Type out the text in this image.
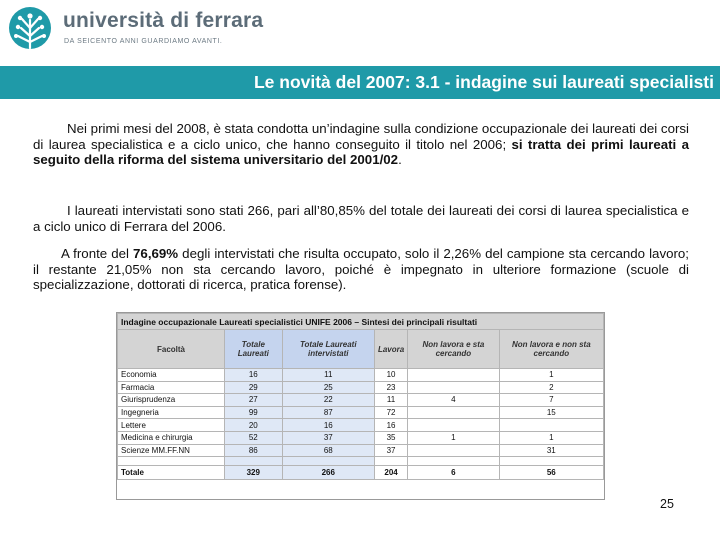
università di ferrara
DA SEICENTO ANNI GUARDIAMO AVANTI.
Le novità del 2007: 3.1 - indagine sui laureati specialisti

Nei primi mesi del 2008, è stata condotta un’indagine sulla condizione occupazionale dei laureati dei corsi di laurea specialistica e a ciclo unico, che hanno conseguito il titolo nel 2006; si tratta dei primi laureati a seguito della riforma del sistema universitario del 2001/02.

I laureati intervistati sono stati 266, pari all’80,85% del totale dei laureati dei corsi di laurea specialistica e a ciclo unico di Ferrara del 2006.

A fronte del 76,69% degli intervistati che risulta occupato, solo il 2,26% del campione sta cercando lavoro; il restante 21,05% non sta cercando lavoro, poiché è impegnato in ulteriore formazione (scuole di specializzazione, dottorati di ricerca, pratica forense).

Indagine occupazionale Laureati specialistici UNIFE 2006 – Sintesi dei principali risultati					
Facoltà	Totale Laureati	Totale Laureati intervistati	Lavora	Non lavora e sta cercando	Non lavora e non sta cercando
Economia	16	11	10		1
Farmacia	29	25	23		2
Giurisprudenza	27	22	11	4	7
Ingegneria	99	87	72		15
Lettere	20	16	16		
Medicina e chirurgia	52	37	35	1	1
Scienze MM.FF.NN	86	68	37		31

Totale	329	266	204	6	56
25
